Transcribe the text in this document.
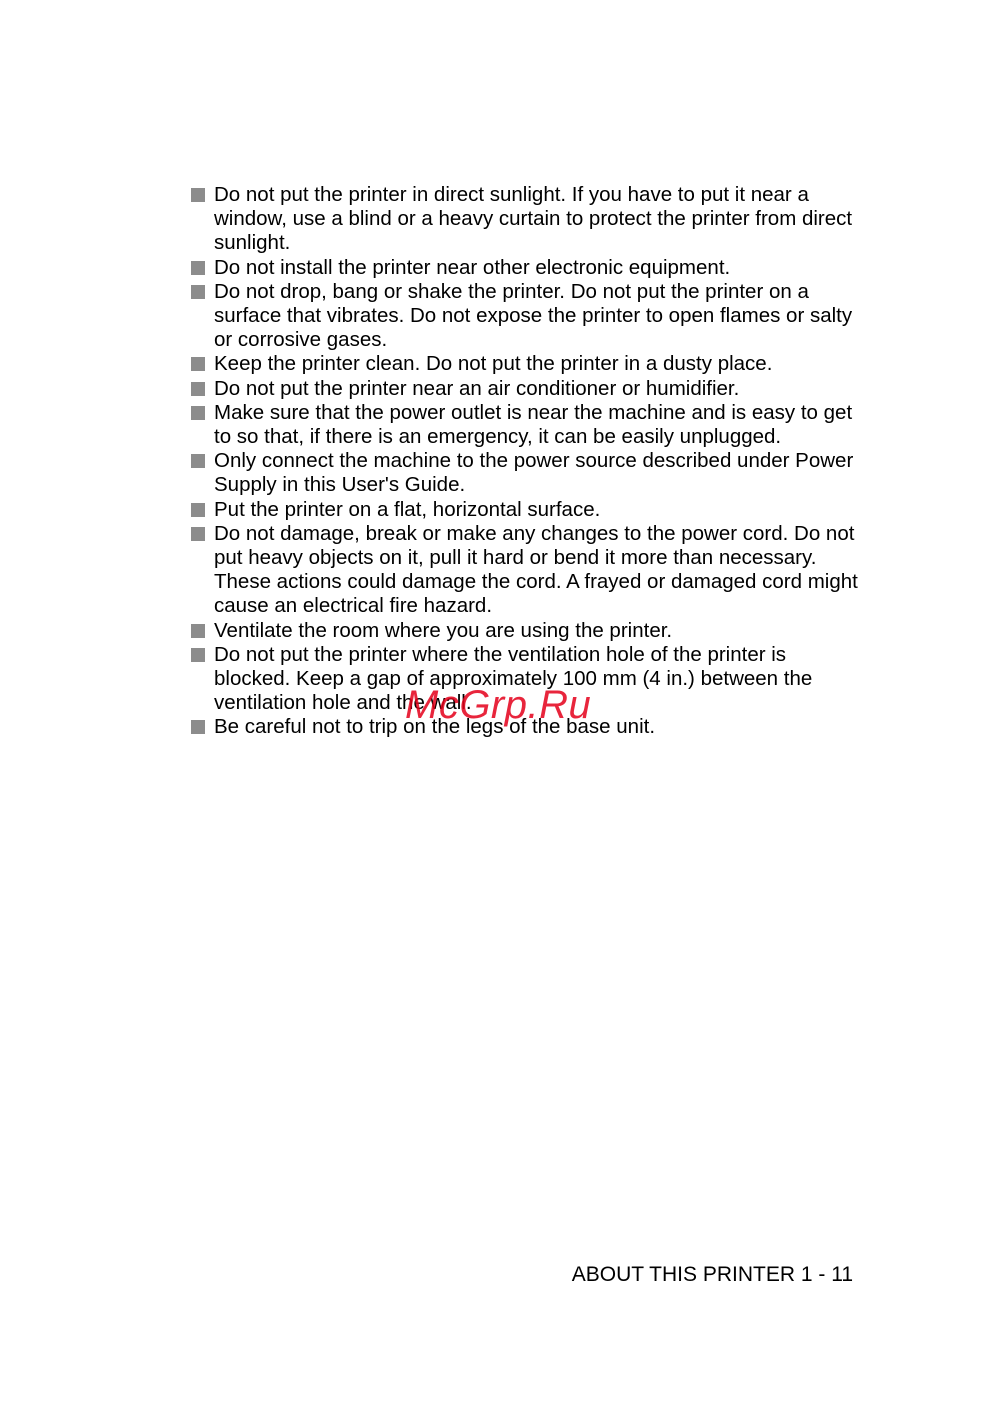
Do not put the printer in direct sunlight. If you have to put it near a window, use a blind or a heavy curtain to protect the printer from direct sunlight.
Do not install the printer near other electronic equipment.
Do not drop, bang or shake the printer. Do not put the printer on a surface that vibrates. Do not expose the printer to open flames or salty or corrosive gases.
Keep the printer clean. Do not put the printer in a dusty place.
Do not put the printer near an air conditioner or humidifier.
Make sure that the power outlet is near the machine and is easy to get to so that, if there is an emergency, it can be easily unplugged.
Only connect the machine to the power source described under Power Supply in this User's Guide.
Put the printer on a flat, horizontal surface.
Do not damage, break or make any changes to the power cord. Do not put heavy objects on it, pull it hard or bend it more than necessary. These actions could damage the cord. A frayed or damaged cord might cause an electrical fire hazard.
Ventilate the room where you are using the printer.
Do not put the printer where the ventilation hole of the printer is blocked. Keep a gap of approximately 100 mm (4 in.) between the ventilation hole and the wall.
Be careful not to trip on the legs of the base unit.
McGrp.Ru
ABOUT THIS PRINTER 1 - 11
